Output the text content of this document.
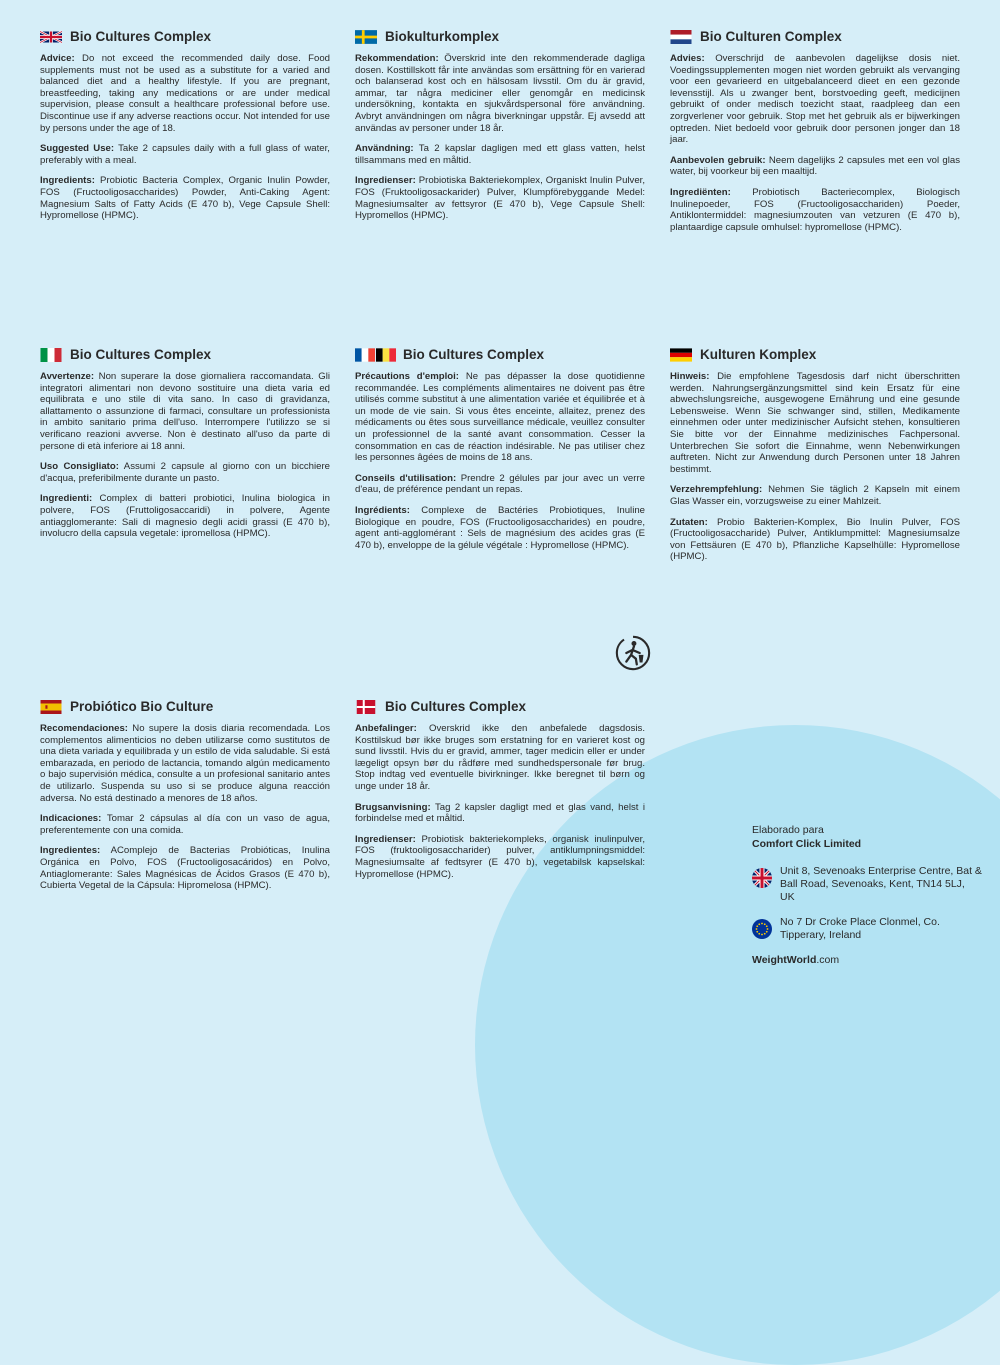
Bio Cultures Complex

Advice: Do not exceed the recommended daily dose. Food supplements must not be used as a substitute for a varied and balanced diet and a healthy lifestyle. If you are pregnant, breastfeeding, taking any medications or are under medical supervision, please consult a healthcare professional before use. Discontinue use if any adverse reactions occur. Not intended for use by persons under the age of 18.

Suggested Use: Take 2 capsules daily with a full glass of water, preferably with a meal.

Ingredients: Probiotic Bacteria Complex, Organic Inulin Powder, FOS (Fructooligosaccharides) Powder, Anti-Caking Agent: Magnesium Salts of Fatty Acids (E 470 b), Vege Capsule Shell: Hypromellose (HPMC).

Biokulturkomplex

Rekommendation: Överskrid inte den rekommenderade dagliga dosen. Kosttillskott får inte användas som ersättning för en varierad och balanserad kost och en hälsosam livsstil. Om du är gravid, ammar, tar några mediciner eller genomgår en medicinsk undersökning, kontakta en sjukvårdspersonal före användning. Avbryt användningen om några biverkningar uppstår. Ej avsedd att användas av personer under 18 år.

Användning: Ta 2 kapslar dagligen med ett glass vatten, helst tillsammans med en måltid.

Ingredienser: Probiotiska Bakteriekomplex, Organiskt Inulin Pulver, FOS (Fruktooligosackarider) Pulver, Klumpförebyggande Medel: Magnesiumsalter av fettsyror (E 470 b), Vege Capsule Shell: Hypromellos (HPMC).

Bio Culturen Complex

Advies: Overschrijd de aanbevolen dagelijkse dosis niet. Voedingssupplementen mogen niet worden gebruikt als vervanging voor een gevarieerd en uitgebalanceerd dieet en een gezonde levensstijl. Als u zwanger bent, borstvoeding geeft, medicijnen gebruikt of onder medisch toezicht staat, raadpleeg dan een zorgverlener voor gebruik. Stop met het gebruik als er bijwerkingen optreden. Niet bedoeld voor gebruik door personen jonger dan 18 jaar.

Aanbevolen gebruik: Neem dagelijks 2 capsules met een vol glas water, bij voorkeur bij een maaltijd.

Ingrediënten: Probiotisch Bacteriecomplex, Biologisch Inulinepoeder, FOS (Fructooligosacchariden) Poeder, Antiklontermiddel: magnesiumzouten van vetzuren (E 470 b), plantaardige capsule omhulsel: hypromellose (HPMC).

Bio Cultures Complex

Avvertenze: Non superare la dose giornaliera raccomandata. Gli integratori alimentari non devono sostituire una dieta varia ed equilibrata e uno stile di vita sano. In caso di gravidanza, allattamento o assunzione di farmaci, consultare un professionista in ambito sanitario prima dell'uso. Interrompere l'utilizzo se si verificano reazioni avverse. Non è destinato all'uso da parte di persone di età inferiore ai 18 anni.

Uso Consigliato: Assumi 2 capsule al giorno con un bicchiere d'acqua, preferibilmente durante un pasto.

Ingredienti: Complex di batteri probiotici, Inulina biologica in polvere, FOS (Fruttoligosaccaridi) in polvere, Agente antiagglomerante: Sali di magnesio degli acidi grassi (E 470 b), involucro della capsula vegetale: ipromellosa (HPMC).

Bio Cultures Complex

Précautions d'emploi: Ne pas dépasser la dose quotidienne recommandée. Les compléments alimentaires ne doivent pas être utilisés comme substitut à une alimentation variée et équilibrée et à un mode de vie sain. Si vous êtes enceinte, allaitez, prenez des médicaments ou êtes sous surveillance médicale, veuillez consulter un professionnel de la santé avant consommation. Cesser la consommation en cas de réaction indésirable. Ne pas utiliser chez les personnes âgées de moins de 18 ans.

Conseils d'utilisation: Prendre 2 gélules par jour avec un verre d'eau, de préférence pendant un repas.

Ingrédients: Complexe de Bactéries Probiotiques, Inuline Biologique en poudre, FOS (Fructooligosaccharides) en poudre, agent anti-agglomérant : Sels de magnésium des acides gras (E 470 b), enveloppe de la gélule végétale : Hypromellose (HPMC).

Kulturen Komplex

Hinweis: Die empfohlene Tagesdosis darf nicht überschritten werden. Nahrungsergänzungsmittel sind kein Ersatz für eine abwechslungsreiche, ausgewogene Ernährung und eine gesunde Lebensweise. Wenn Sie schwanger sind, stillen, Medikamente einnehmen oder unter medizinischer Aufsicht stehen, konsultieren Sie bitte vor der Einnahme medizinisches Fachpersonal. Unterbrechen Sie sofort die Einnahme, wenn Nebenwirkungen auftreten. Nicht zur Anwendung durch Personen unter 18 Jahren bestimmt.

Verzehrempfehlung: Nehmen Sie täglich 2 Kapseln mit einem Glas Wasser ein, vorzugsweise zu einer Mahlzeit.

Zutaten: Probio Bakterien-Komplex, Bio Inulin Pulver, FOS (Fructooligosaccharide) Pulver, Antiklumpmittel: Magnesiumsalze von Fettsäuren (E 470 b), Pflanzliche Kapselhülle: Hypromellose (HPMC).

Probiótico Bio Culture

Recomendaciones: No supere la dosis diaria recomendada. Los complementos alimenticios no deben utilizarse como sustitutos de una dieta variada y equilibrada y un estilo de vida saludable. Si está embarazada, en periodo de lactancia, tomando algún medicamento o bajo supervisión médica, consulte a un profesional sanitario antes de utilizarlo. Suspenda su uso si se produce alguna reacción adversa. No está destinado a menores de 18 años.

Indicaciones: Tomar 2 cápsulas al día con un vaso de agua, preferentemente con una comida.

Ingredientes: AComplejo de Bacterias Probióticas, Inulina Orgánica en Polvo, FOS (Fructooligosacáridos) en Polvo, Antiaglomerante: Sales Magnésicas de Ácidos Grasos (E 470 b), Cubierta Vegetal de la Cápsula: Hipromelosa (HPMC).

Bio Cultures Complex

Anbefalinger: Overskrid ikke den anbefalede dagsdosis. Kosttilskud bør ikke bruges som erstatning for en varieret kost og sund livsstil. Hvis du er gravid, ammer, tager medicin eller er under lægeligt opsyn bør du rådføre med sundhedspersonale før brug. Stop indtag ved eventuelle bivirkninger. Ikke beregnet til børn og unge under 18 år.

Brugsanvisning: Tag 2 kapsler dagligt med et glas vand, helst i forbindelse med et måltid.

Ingredienser: Probiotisk bakteriekompleks, organisk inulinpulver, FOS (fruktooligosaccharider) pulver, antiklumpningsmiddel: Magnesiumsalte af fedtsyrer (E 470 b), vegetabilsk kapselskal: Hypromellose (HPMC).

Elaborado para

Comfort Click Limited

Unit 8, Sevenoaks Enterprise Centre, Bat & Ball Road, Sevenoaks, Kent, TN14 5LJ, UK
No 7 Dr Croke Place Clonmel, Co. Tipperary, Ireland
WeightWorld.com
